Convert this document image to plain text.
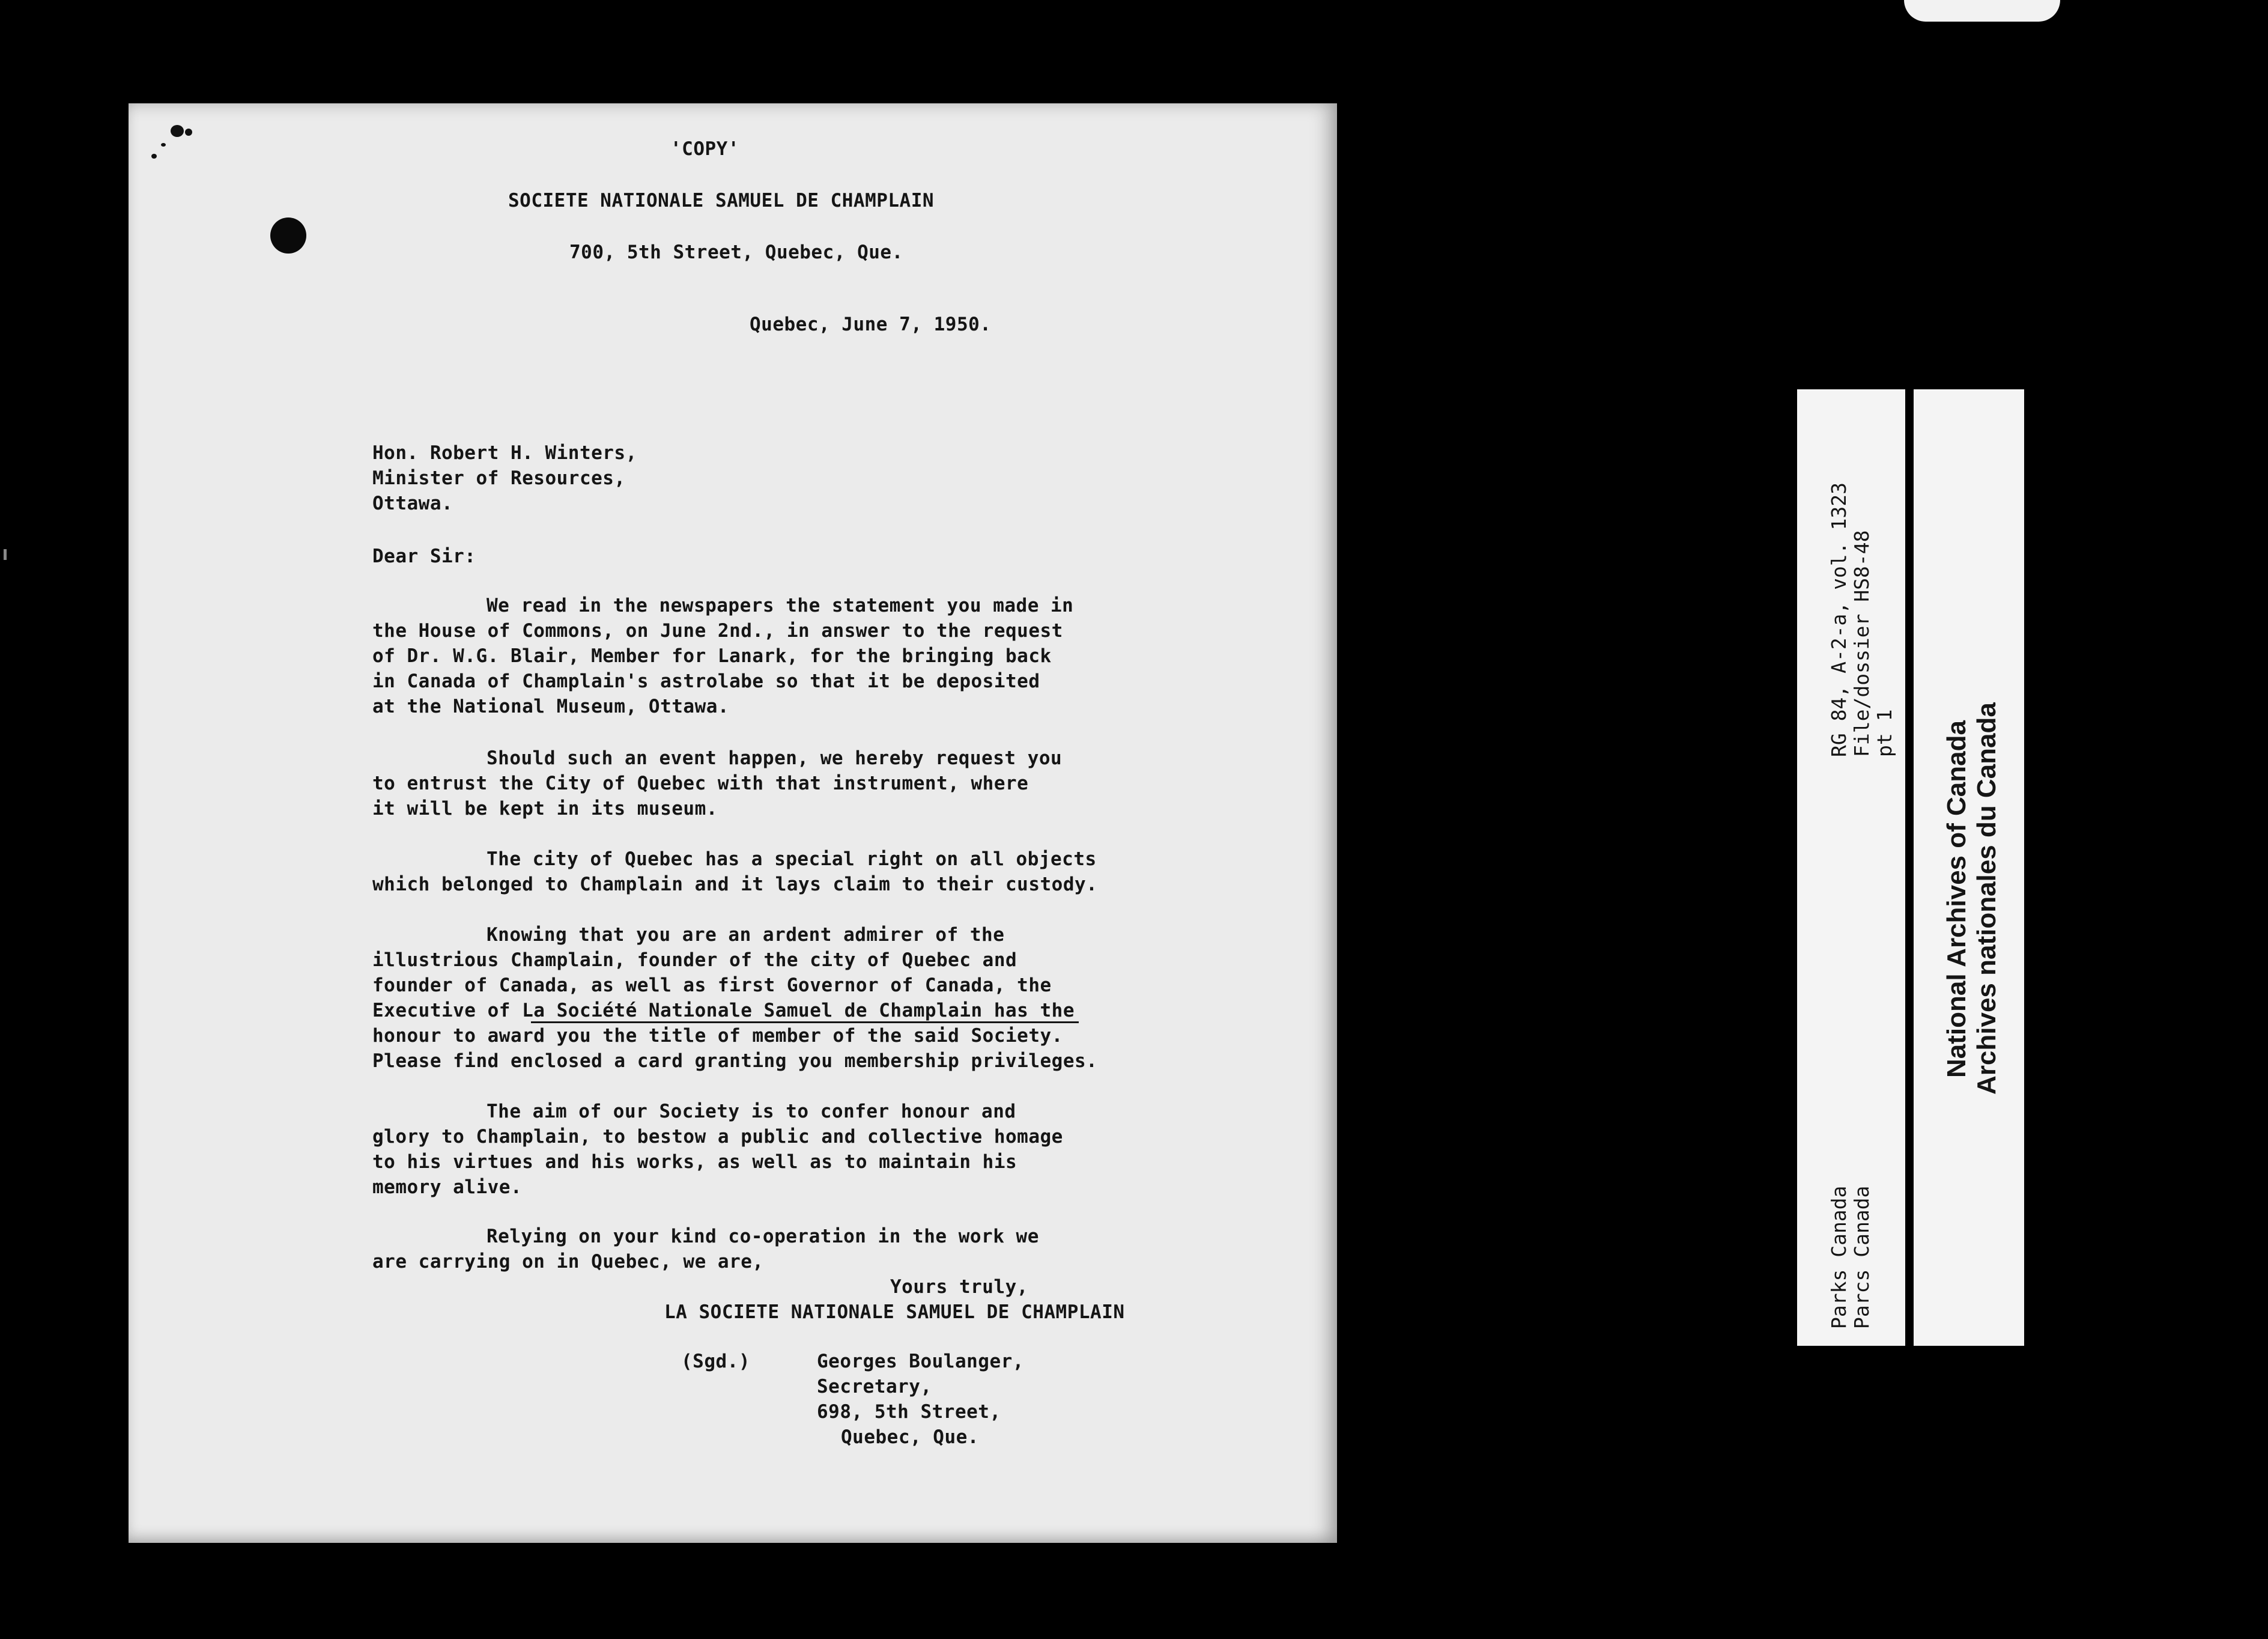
'COPY'
SOCIETE NATIONALE SAMUEL DE CHAMPLAIN
700, 5th Street, Quebec, Que.
Quebec, June 7, 1950.
Hon. Robert H. Winters,
Minister of Resources,
Ottawa.
Dear Sir:
We read in the newspapers the statement you made in
the House of Commons, on June 2nd., in answer to the request
of Dr. W.G. Blair, Member for Lanark, for the bringing back
in Canada of Champlain's astrolabe so that it be deposited
at the National Museum, Ottawa.
Should such an event happen, we hereby request you
to entrust the City of Quebec with that instrument, where
it will be kept in its museum.
The city of Quebec has a special right on all objects
which belonged to Champlain and it lays claim to their custody.
Knowing that you are an ardent admirer of the
illustrious Champlain, founder of the city of Quebec and
founder of Canada, as well as first Governor of Canada, the
Executive of La Société Nationale Samuel de Champlain has the
honour to award you the title of member of the said Society.
Please find enclosed a card granting you membership privileges.
The aim of our Society is to confer honour and
glory to Champlain, to bestow a public and collective homage
to his virtues and his works, as well as to maintain his
memory alive.
Relying on your kind co-operation in the work we
are carrying on in Quebec, we are,
Yours truly,
LA SOCIETE NATIONALE SAMUEL DE CHAMPLAIN
(Sgd.)	Georges Boulanger,
Secretary,
698, 5th Street,
Quebec, Que.
RG 84, A-2-a, vol. 1323 File/dossier HS8-48 pt 1
Parks Canada Parcs Canada
National Archives of Canada Archives nationales du Canada
